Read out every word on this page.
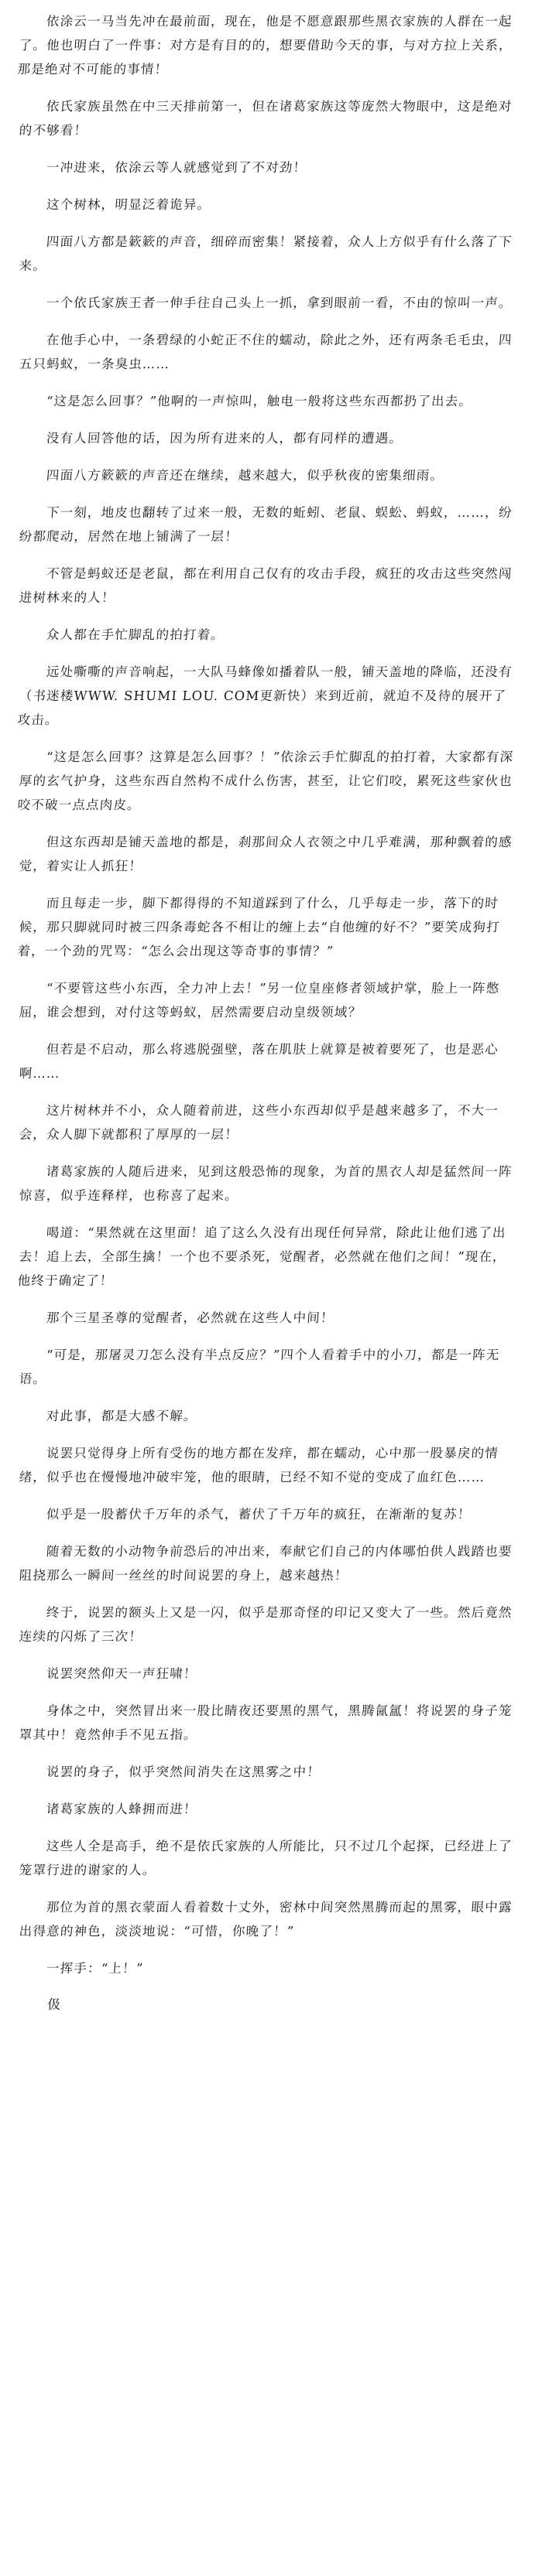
依涂云一马当先冲在最前面，现在，他是不愿意跟那些黑衣家族的人群在一起了。他也明白了一件事：对方是有目的的，想要借助今天的事，与对方拉上关系，那是绝对不可能的事情！

依氏家族虽然在中三天排前第一，但在诸葛家族这等庞然大物眼中，这是绝对的不够看！

一冲进来，依涂云等人就感觉到了不对劲！

这个树林，明显泛着诡异。

四面八方都是簌簌的声音，细碎而密集！紧接着，众人上方似乎有什么落了下来。

一个依氏家族王者一伸手往自己头上一抓，拿到眼前一看，不由的惊叫一声。

在他手心中，一条碧绿的小蛇正不住的蠕动，除此之外，还有两条毛毛虫，四五只蚂蚁，一条臭虫……

“这是怎么回事？”他啊的一声惊叫，触电一般将这些东西都扔了出去。

没有人回答他的话，因为所有进来的人，都有同样的遭遇。

四面八方簌簌的声音还在继续，越来越大，似乎秋夜的密集细雨。

下一刻，地皮也翻转了过来一般，无数的蚯蚓、老鼠、蜈蚣、蚂蚁，……，纷纷都爬动，居然在地上铺满了一层！

不管是蚂蚁还是老鼠，都在利用自己仅有的攻击手段，疯狂的攻击这些突然闯进树林来的人！

众人都在手忙脚乱的拍打着。

远处嘶嘶的声音响起，一大队马蜂像如播着队一般，铺天盖地的降临，还没有（书迷楼WWW. SHUMI LOU. COM更新快）来到近前，就迫不及待的展开了攻击。

“这是怎么回事？这算是怎么回事？！”依涂云手忙脚乱的拍打着，大家都有深厚的玄气护身，这些东西自然构不成什么伤害，甚至，让它们咬，累死这些家伙也咬不破一点点肉皮。

但这东西却是铺天盖地的都是，刹那间众人衣领之中几乎难满，那种飘着的感觉，着实让人抓狂！

而且每走一步，脚下都得得的不知道踩到了什么，几乎每走一步，落下的时候，那只脚就同时被三四条毒蛇各不相让的缠上去“自他缠的好不？”要笑成狗打着，一个劲的咒骂：“怎么会出现这等奇事的事情？”

“不要管这些小东西，全力冲上去！”另一位皇座修者领域护掌，脸上一阵憋屈，谁会想到，对付这等蚂蚁，居然需要启动皇级领域？

但若是不启动，那么将逃脱强壁，落在肌肤上就算是被着要死了，也是恶心啊……

这片树林并不小，众人随着前进，这些小东西却似乎是越来越多了，不大一会，众人脚下就都积了厚厚的一层！

诸葛家族的人随后进来，见到这般恐怖的现象，为首的黑衣人却是猛然间一阵惊喜，似乎连释样，也称喜了起来。

喝道：“果然就在这里面！追了这么久没有出现任何异常，除此让他们逃了出去！追上去，全部生擒！一个也不要杀死，觉醒者，必然就在他们之间！”现在，他终于确定了！

那个三星圣尊的觉醒者，必然就在这些人中间！

“可是，那屠灵刀怎么没有半点反应？”四个人看着手中的小刀，都是一阵无语。

对此事，都是大感不解。

说罢只觉得身上所有受伤的地方都在发痒，都在蠕动，心中那一股暴戾的情绪，似乎也在慢慢地冲破牢笼，他的眼睛，已经不知不觉的变成了血红色……

似乎是一股蓄伏千万年的杀气，蓄伏了千万年的疯狂，在渐渐的复苏！

随着无数的小动物争前恐后的冲出来，奉献它们自己的内体哪怕供人践踏也要阻挠那么一瞬间一丝丝的时间说罢的身上，越来越热！

终于，说罢的额头上又是一闪，似乎是那奇怪的印记又变大了一些。然后竟然连续的闪烁了三次！

说罢突然仰天一声狂啸！

身体之中，突然冒出来一股比睛夜还要黑的黑气，黑腾氤氲！将说罢的身子笼罩其中！竟然伸手不见五指。

说罢的身子，似乎突然间消失在这黑雾之中！

诸葛家族的人蜂拥而进！

这些人全是高手，绝不是依氏家族的人所能比，只不过几个起探，已经进上了笼罩行进的谢家的人。

那位为首的黑衣蒙面人看着数十丈外，密林中间突然黑腾而起的黑雾，眼中露出得意的神色，淡淡地说：“可惜，你晚了！”

一挥手：“上！”

伋
